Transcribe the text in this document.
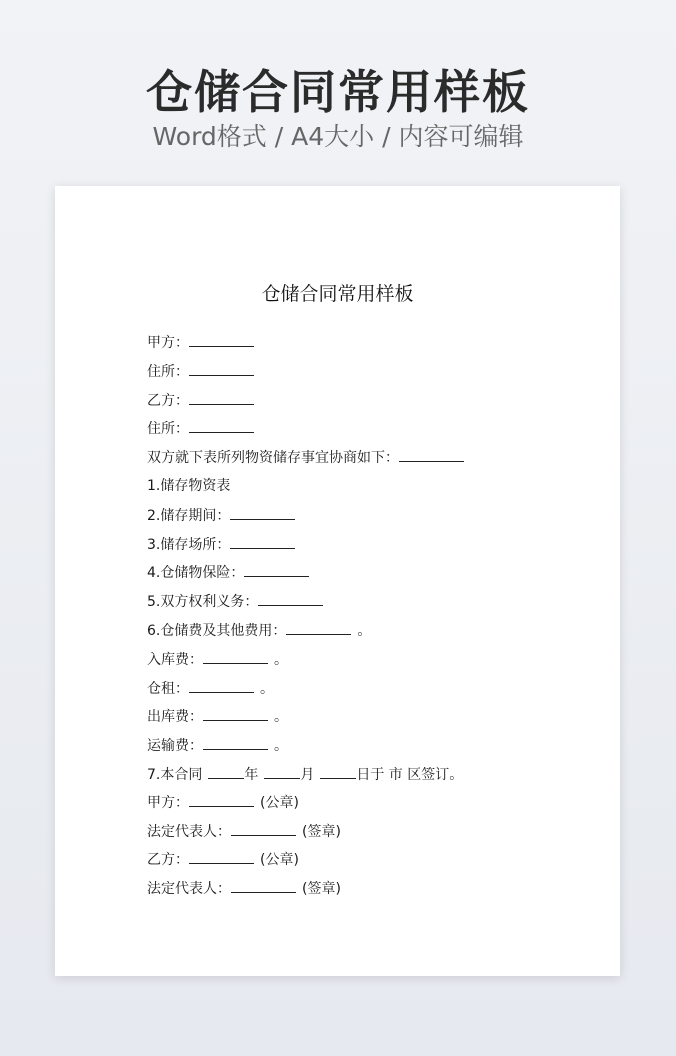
仓储合同常用样板
Word格式 / A4大小 / 内容可编辑
仓储合同常用样板
甲方：
住所：
乙方：
住所：
双方就下表所列物资储存事宜协商如下：
1.储存物资表
2.储存期间：
3.储存场所：
4.仓储物保险：
5.双方权利义务：
6.仓储费及其他费用：	。
入库费：	。
仓租：	。
出库费：	。
运输费：	。
7.本合同	年	月	日于 市 区签订。
甲方：	(公章)
法定代表人：	(签章)
乙方：	(公章)
法定代表人：	(签章)
